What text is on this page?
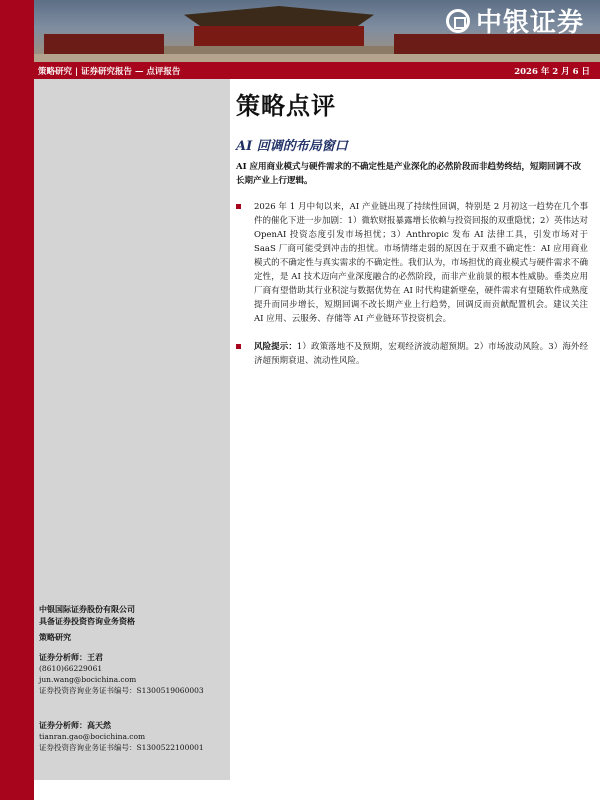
中银证券
策略研究 | 证券研究报告 — 点评报告	2026 年 2 月 6 日
中银国际证券股份有限公司
具备证券投资咨询业务资格
策略研究
证券分析师：王君
(8610)66229061
jun.wang@bocichina.com
证券投资咨询业务证书编号：S1300519060003
证券分析师：高天然
tianran.gao@bocichina.com
证券投资咨询业务证书编号：S1300522100001
策略点评
AI 回调的布局窗口
AI 应用商业模式与硬件需求的不确定性是产业深化的必然阶段而非趋势终结，短期回调不改长期产业上行逻辑。
2026 年 1 月中旬以来，AI 产业链出现了持续性回调，特别是 2 月初这一趋势在几个事件的催化下进一步加剧：1）微软财报暴露增长依赖与投资回报的双重隐忧；2）英伟达对 OpenAI 投资态度引发市场担忧；3）Anthropic 发布 AI 法律工具，引发市场对于 SaaS 厂商可能受到冲击的担忧。市场情绪走弱的原因在于双重不确定性：AI 应用商业模式的不确定性与真实需求的不确定性。我们认为，市场担忧的商业模式与硬件需求不确定性，是 AI 技术迈向产业深度融合的必然阶段，而非产业前景的根本性威胁。垂类应用厂商有望借助其行业积淀与数据优势在 AI 时代构建新壁垒，硬件需求有望随软件成熟度提升而同步增长，短期回调不改长期产业上行趋势，回调反而贡献配置机会。建议关注 AI 应用、云服务、存储等 AI 产业链环节投资机会。
风险提示：1）政策落地不及预期，宏观经济波动超预期。2）市场波动风险。3）海外经济超预期衰退、流动性风险。
